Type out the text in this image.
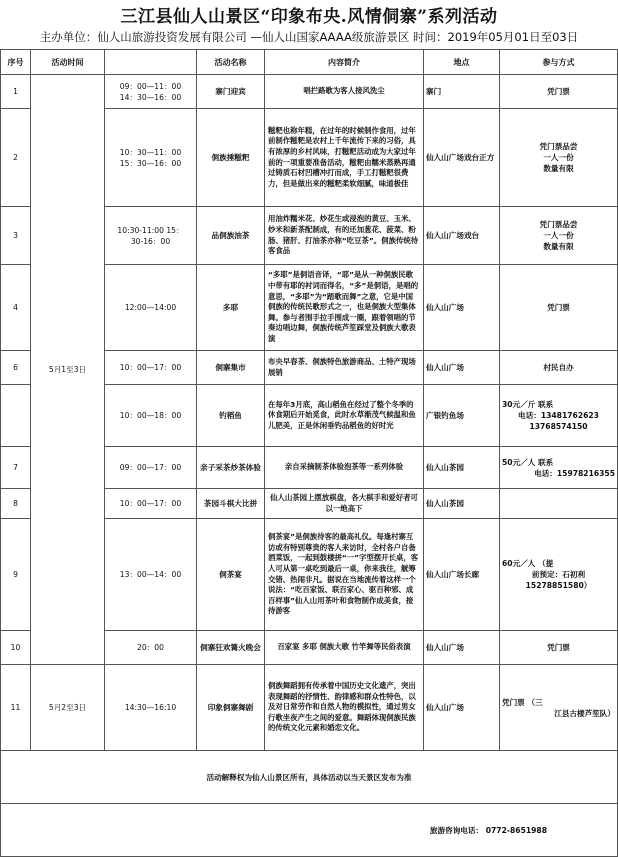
三江县仙人山景区“印象布央.风情侗寨”系列活动
主办单位：仙人山旅游投资发展有限公司 —仙人山国家AAAA级旅游景区 时间：2019年05月01日至03日
序号	活动时间		活动名称	内容简介	地点	参与方式
1	5月1至3日	09：00—11：00
14：30—16：00	寨门迎宾	唱拦路歌为客人接风洗尘	寨门	凭门票
2		10：30—11：00
15：30—16：00	侗族捶糍粑	糍粑也称年糕，在过年的时候制作食用，过年前制作糍粑是农村上千年流传下来的习俗，具有浓厚的乡村风味，打糍粑活动成为大家过年前的一项重要准备活动，糍粑由糯米蒸熟再通过铸质石材凹槽冲打而成，手工打糍粑很费力，但是做出来的糍粑柔软细腻，味道极佳	仙人山广场戏台正方	凭门票品尝
一人一份
数量有限

3		10:30-11:00 15：
30-16：00	品侗族油茶	用油炸糯米花、炒花生或浸泡的黄豆、玉米、炒米和新茶配制成，有的还加葱花、菠菜、粉肠、猪肝、打油茶亦称“吃豆茶”。侗族传统待客食品	仙人山广场戏台	凭门票品尝
一人一份
数量有限

4		12:00—14:00	多耶	“多耶”是侗语音译，“耶”是从一种侗族民歌中带有耶的衬词而得名，“多”是侗语，是唱的意思，“多耶”为“踏歌而舞”之意，它是中国侗族的传统民歌形式之一，也是侗族大型集体舞。参与者围手拉手围成一圈，跟着领唱的节奏边唱边舞，侗族传统芦笙踩堂及侗族大歌表演	仙人山广场	凭门票
6		10：00—17：00	侗寨集市	布央早春茶、侗族特色旅游商品、土特产现场展销	仙人山广场	村民自办
		10：00—18：00	钓稻鱼	在每年3月底，高山稻鱼在经过了整个冬季的休食期后开始觅食，此时水草渐茂气候温和鱼儿肥美，正是休闲垂钓品稻鱼的好时光	广银钓鱼场	30元／斤 联系
电话：13481762623
13768574150

7		09：00—17：00	亲子采茶炒茶体验	亲自采摘制茶体验泡茶等一系列体验	仙人山茶园	50元／人 联系
电话：15978216355

8		10：00—17：00	茶园斗棋大比拼	仙人山茶园上摆放棋盘，各大棋手和爱好者可以一绝高下	仙人山茶园	
9		13：00—14：00	侗茶宴	侗茶宴”是侗族待客的最高礼仪。每逢村寨互访或有特别尊贵的客人来访时，全村各户自备酒菜饭，一起到鼓楼拼“一”字型摆开长桌，客人可从第一桌吃到最后一桌，你来我往，觥筹交错、热闹非凡。据说在当地流传着这样一个说法：“吃百家饭、联百家心、驱百种邪、成百样事”仙人山用茶叶和食物制作成美食，接待游客	仙人山广场长廊	60元／人 （提
前预定：石初利
15278851580）

10		20：00	侗寨狂欢篝火晚会	百家宴 多耶 侗族大歌 竹竿舞等民俗表演	仙人山广场	凭门票
11	5月2至3日	14:30—16:10	印象侗寨舞剧	侗族舞蹈拥有传承着中国历史文化遗产，突出表现舞蹈的抒情性、韵律感和群众性特色，以及对日常劳作和自然人物的模拟性，通过男女行歌坐夜产生之间的爱意。舞蹈体现侗族民族的传统文化元素和婚恋文化。	仙人山广场	凭门票 （三
江县古楼芦笙队）

活动解释权为仙人山景区所有，具体活动以当天景区发布为准						
旅游咨询电话： 0772-8651988						
